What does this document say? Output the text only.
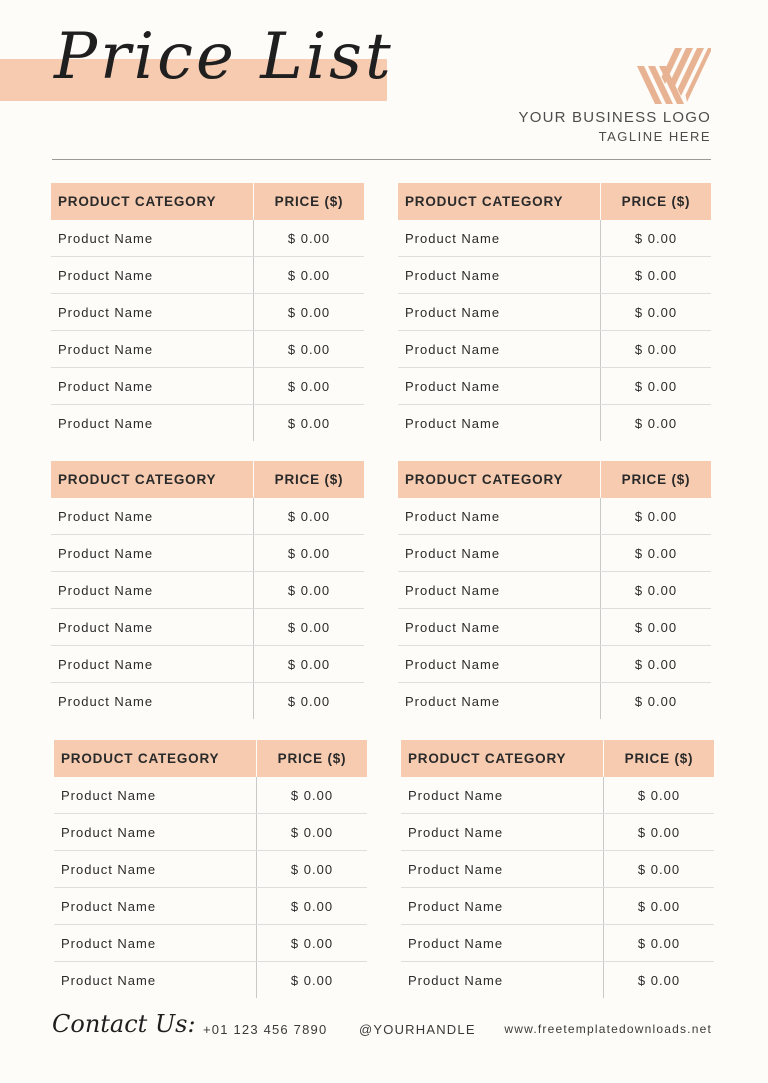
Price List
YOUR BUSINESS LOGO
TAGLINE HERE
PRODUCT CATEGORY	PRICE ($)
Product Name	$ 0.00
Product Name	$ 0.00
Product Name	$ 0.00
Product Name	$ 0.00
Product Name	$ 0.00
Product Name	$ 0.00
PRODUCT CATEGORY	PRICE ($)
Product Name	$ 0.00
Product Name	$ 0.00
Product Name	$ 0.00
Product Name	$ 0.00
Product Name	$ 0.00
Product Name	$ 0.00
PRODUCT CATEGORY	PRICE ($)
Product Name	$ 0.00
Product Name	$ 0.00
Product Name	$ 0.00
Product Name	$ 0.00
Product Name	$ 0.00
Product Name	$ 0.00
PRODUCT CATEGORY	PRICE ($)
Product Name	$ 0.00
Product Name	$ 0.00
Product Name	$ 0.00
Product Name	$ 0.00
Product Name	$ 0.00
Product Name	$ 0.00
PRODUCT CATEGORY	PRICE ($)
Product Name	$ 0.00
Product Name	$ 0.00
Product Name	$ 0.00
Product Name	$ 0.00
Product Name	$ 0.00
Product Name	$ 0.00
PRODUCT CATEGORY	PRICE ($)
Product Name	$ 0.00
Product Name	$ 0.00
Product Name	$ 0.00
Product Name	$ 0.00
Product Name	$ 0.00
Product Name	$ 0.00
Contact Us: +01 123 456 7890 @YOURHANDLE www.freetemplatedownloads.net
